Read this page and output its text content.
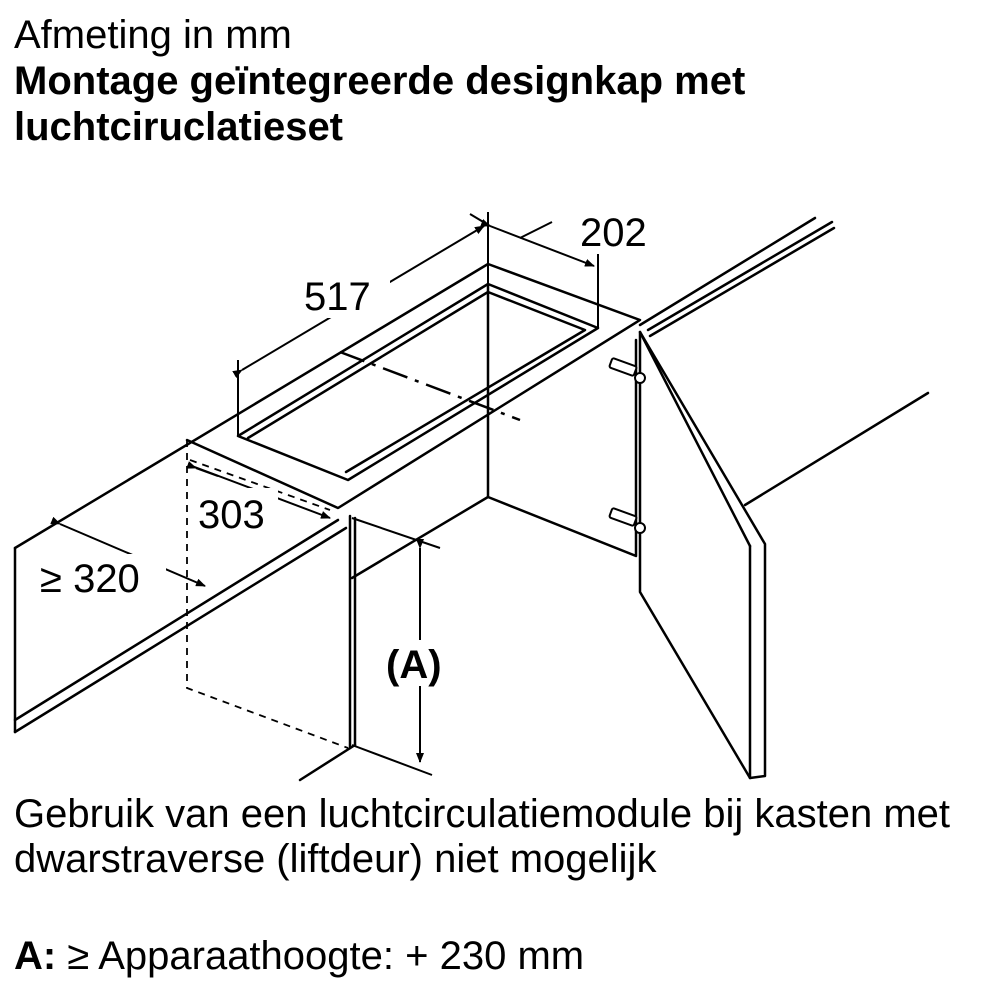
Afmeting in mm
Montage geïntegreerde designkap met luchtciruclatieset
202
517
303
≥ 320
(A)
Gebruik van een luchtcirculatiemodule bij kasten met dwarstraverse (liftdeur) niet mogelijk
A: ≥ Apparaathoogte: + 230 mm
